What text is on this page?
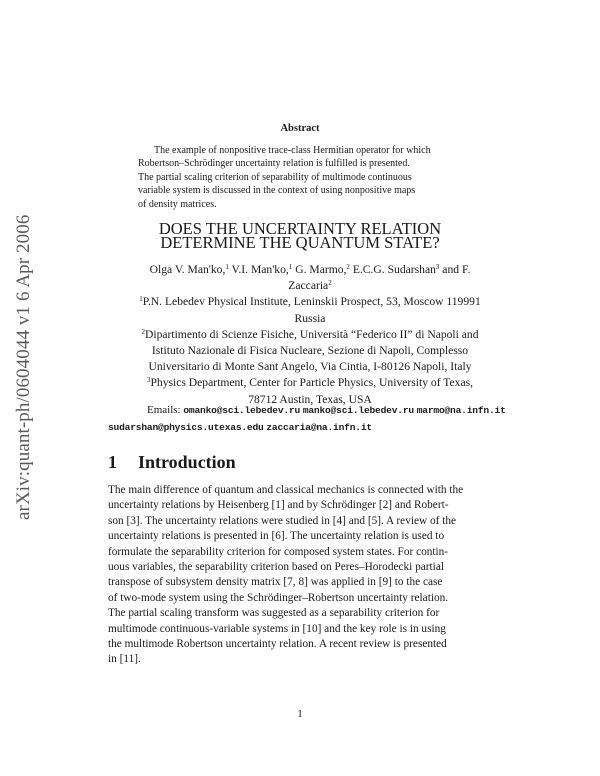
arXiv:quant-ph/0604044 v1 6 Apr 2006
Abstract
The example of nonpositive trace-class Hermitian operator for which
Robertson–Schrödinger uncertainty relation is fulfilled is presented.
The partial scaling criterion of separability of multimode continuous
variable system is discussed in the context of using nonpositive maps
of density matrices.
DOES THE UNCERTAINTY RELATION
DETERMINE THE QUANTUM STATE?
Olga V. Man'ko,$^1$ V.I. Man'ko,$^1$ G. Marmo,$^2$ E.C.G. Sudarshan$^3$ and F.
Zaccaria$^2$
$^1$P.N. Lebedev Physical Institute, Leninskii Prospect, 53, Moscow 119991
Russia
$^2$Dipartimento di Scienze Fisiche, Università “Federico II” di Napoli and
Istituto Nazionale di Fisica Nucleare, Sezione di Napoli, Complesso
Universitario di Monte Sant Angelo, Via Cintia, I-80126 Napoli, Italy
$^3$Physics Department, Center for Particle Physics, University of Texas,
78712 Austin, Texas, USA
Emails: omanko@sci.lebedev.ru manko@sci.lebedev.ru marmo@na.infn.it
sudarshan@physics.utexas.edu zaccaria@na.infn.it
1 Introduction
The main difference of quantum and classical mechanics is connected with the
uncertainty relations by Heisenberg [1] and by Schrödinger [2] and Robert-
son [3]. The uncertainty relations were studied in [4] and [5]. A review of the
uncertainty relations is presented in [6]. The uncertainty relation is used to
formulate the separability criterion for composed system states. For contin-
uous variables, the separability criterion based on Peres–Horodecki partial
transpose of subsystem density matrix [7, 8] was applied in [9] to the case
of two-mode system using the Schrödinger–Robertson uncertainty relation.
The partial scaling transform was suggested as a separability criterion for
multimode continuous-variable systems in [10] and the key role is in using
the multimode Robertson uncertainty relation. A recent review is presented
in [11].
1
